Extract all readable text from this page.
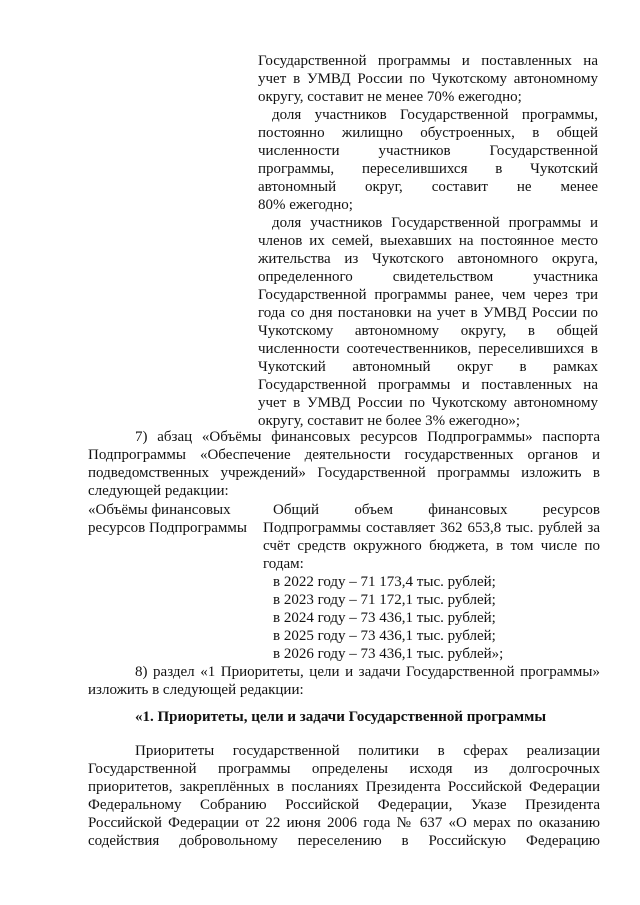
Государственной программы и поставленных на
учет в УМВД России по Чукотскому автономному
округу, составит не менее 70% ежегодно;
доля участников Государственной программы,
постоянно жилищно обустроенных, в общей
численности участников Государственной
программы, переселившихся в Чукотский
автономный округ, составит не менее
80% ежегодно;
доля участников Государственной программы и
членов их семей, выехавших на постоянное место
жительства из Чукотского автономного округа,
определенного свидетельством участника
Государственной программы ранее, чем через три
года со дня постановки на учет в УМВД России по
Чукотскому автономному округу, в общей
численности соотечественников, переселившихся в
Чукотский автономный округ в рамках
Государственной программы и поставленных на
учет в УМВД России по Чукотскому автономному
округу, составит не более 3% ежегодно»;
7) абзац «Объёмы финансовых ресурсов Подпрограммы» паспорта
Подпрограммы «Обеспечение деятельности государственных органов и
подведомственных учреждений» Государственной программы изложить в
следующей редакции:
«Объёмы финансовых
ресурсов Подпрограммы
Общий объем финансовых ресурсов
Подпрограммы составляет 362 653,8 тыс. рублей за
счёт средств окружного бюджета, в том числе по
годам:
в 2022 году – 71 173,4 тыс. рублей;
в 2023 году – 71 172,1 тыс. рублей;
в 2024 году – 73 436,1 тыс. рублей;
в 2025 году – 73 436,1 тыс. рублей;
в 2026 году – 73 436,1 тыс. рублей»;
8) раздел «1 Приоритеты, цели и задачи Государственной программы»
изложить в следующей редакции:
«1. Приоритеты, цели и задачи Государственной программы
Приоритеты государственной политики в сферах реализации
Государственной программы определены исходя из долгосрочных
приоритетов, закреплённых в посланиях Президента Российской Федерации
Федеральному Собранию Российской Федерации, Указе Президента
Российской Федерации от 22 июня 2006 года № 637 «О мерах по оказанию
содействия добровольному переселению в Российскую Федерацию
